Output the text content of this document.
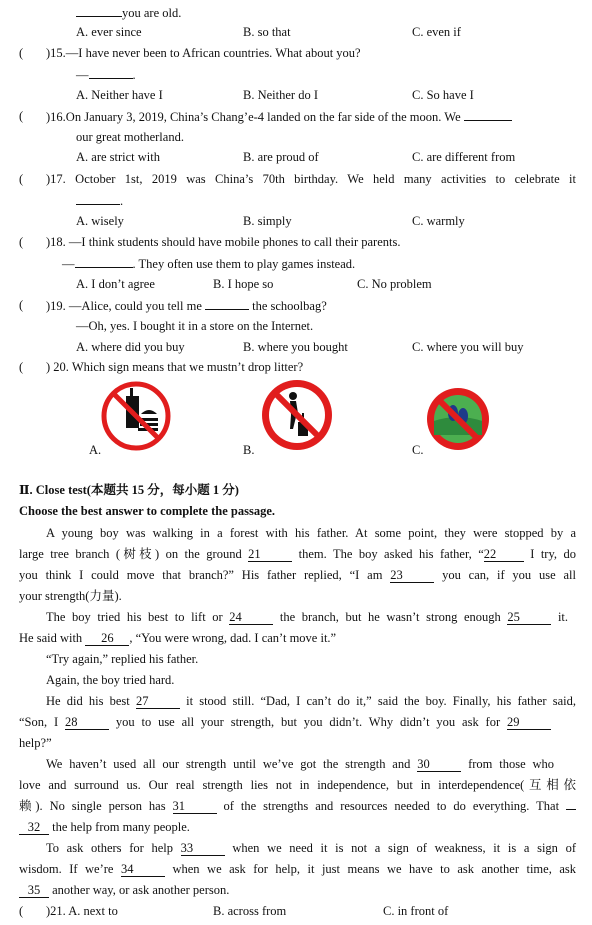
you are old.
A. ever since	B. so that	C. even if
( )15.—I have never been to African countries. What about you?
—	.
A. Neither have I	B. Neither do I	C. So have I
( )16.On January 3, 2019, China’s Chang’e-4 landed on the far side of the moon. We
our great motherland.
A. are strict with	B. are proud of	C. are different from
( )17. October 1st, 2019 was China’s 70th birthday. We held many activities to celebrate it
.
A. wisely	B. simply	C. warmly
( )18. —I think students should have mobile phones to call their parents.
—	. They often use them to play games instead.
A. I don’t agree	B. I hope so	C. No problem
( )19. —Alice, could you tell me	the schoolbag?
—Oh, yes. I bought it in a store on the Internet.
A. where did you buy	B. where you bought	C. where you will buy
( ) 20. Which sign means that we mustn’t drop litter?
A.	B.	C.
Ⅱ. Close test(本题共 15 分，每小题 1 分)
Choose the best answer to complete the passage.
A young boy was walking in a forest with his father. At some point, they were stopped by a
large tree branch (树枝) on the ground 21	them. The boy asked his father, “22	I try, do
you think I could move that branch?” His father replied, “I am 23	you can, if you use all
your strength(力量).
The boy tried his best to lift or 24	the branch, but he wasn’t strong enough 25	it.
He said with 26 , “You were wrong, dad. I can’t move it.”
“Try again,” replied his father.
Again, the boy tried hard.
He did his best 27	it stood still. “Dad, I can’t do it,” said the boy. Finally, his father said,
“Son, I 28	you to use all your strength, but you didn’t. Why didn’t you ask for 29
help?”
We haven’t used all our strength until we’ve got the strength and 30	from those who
love and surround us. Our real strength lies not in independence, but in interdependence(互相依
赖). No single person has 31	of the strengths and resources needed to do everything. That
32 the help from many people.
To ask others for help 33	when we need it is not a sign of weakness, it is a sign of
wisdom. If we’re 34	when we ask for help, it just means we have to ask another time, ask
35 another way, or ask another person.
( )21. A. next to	B. across from	C. in front of
